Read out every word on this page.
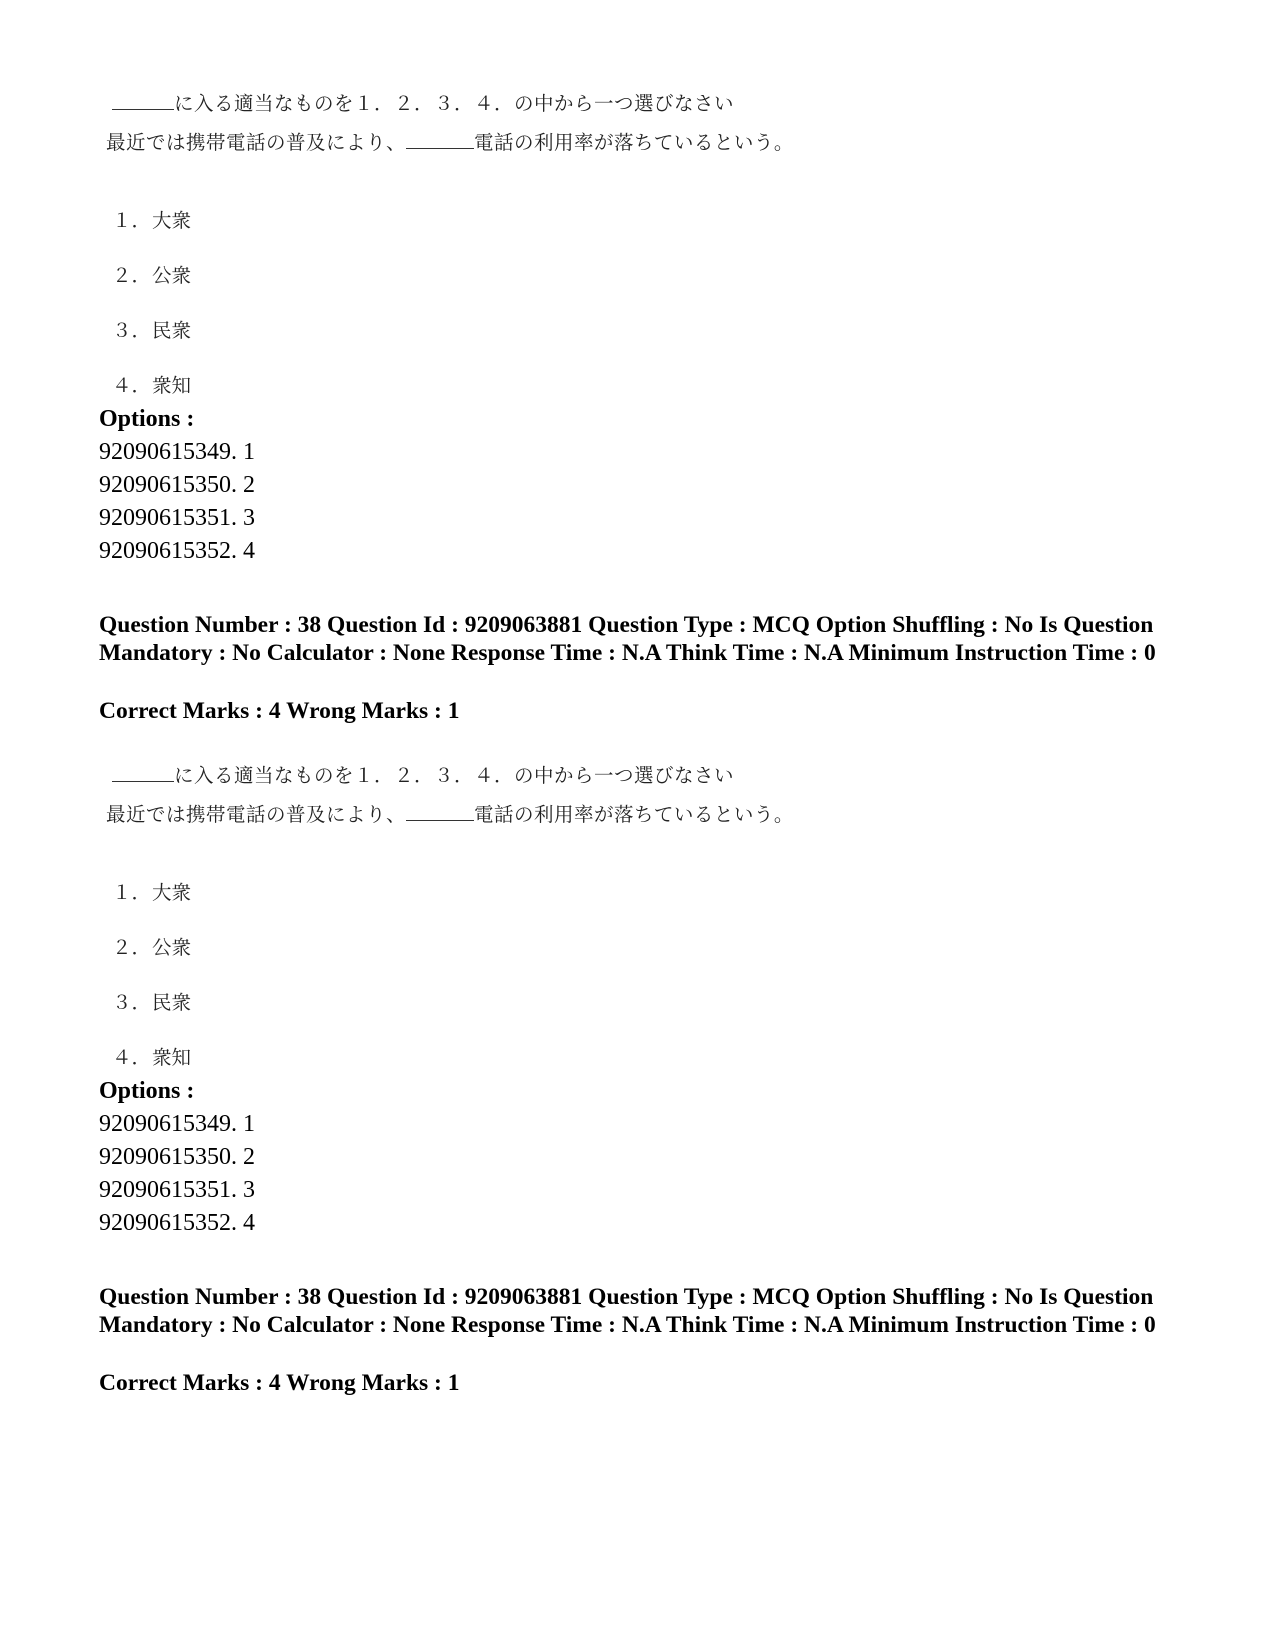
に入る適当なものを１．２．３．４．の中から一つ選びなさい
最近では携帯電話の普及により、	電話の利用率が落ちているという。
１．大衆
２．公衆
３．民衆
４．衆知
Options :
92090615349. 1
92090615350. 2
92090615351. 3
92090615352. 4
Question Number : 38 Question Id : 9209063881 Question Type : MCQ Option Shuffling : No Is Question Mandatory : No Calculator : None Response Time : N.A Think Time : N.A Minimum Instruction Time : 0
Correct Marks : 4 Wrong Marks : 1
に入る適当なものを１．２．３．４．の中から一つ選びなさい
最近では携帯電話の普及により、	電話の利用率が落ちているという。
１．大衆
２．公衆
３．民衆
４．衆知
Options :
92090615349. 1
92090615350. 2
92090615351. 3
92090615352. 4
Question Number : 38 Question Id : 9209063881 Question Type : MCQ Option Shuffling : No Is Question Mandatory : No Calculator : None Response Time : N.A Think Time : N.A Minimum Instruction Time : 0
Correct Marks : 4 Wrong Marks : 1
